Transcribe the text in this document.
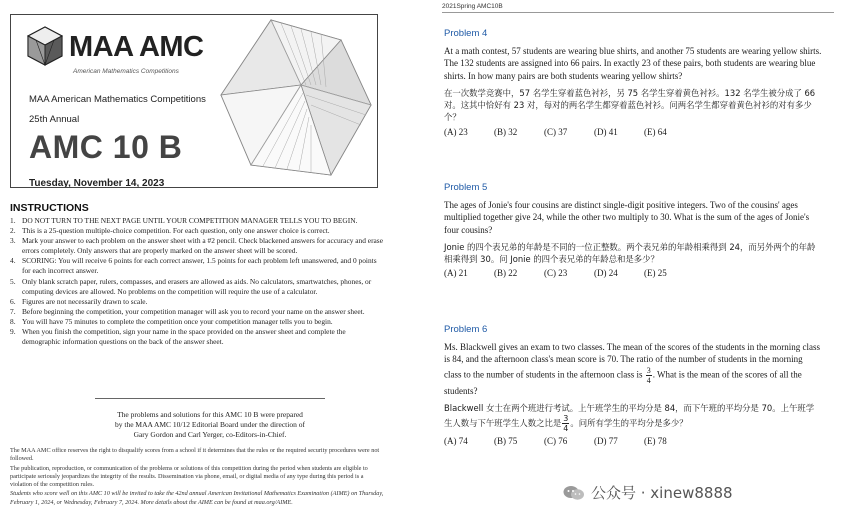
MAA AMC
American Mathematics Competitions
MAA American Mathematics Competitions
25th Annual
AMC 10 B
Tuesday, November 14, 2023
INSTRUCTIONS
1. DO NOT TURN TO THE NEXT PAGE UNTIL YOUR COMPETITION MANAGER TELLS YOU TO BEGIN.
2. This is a 25-question multiple-choice competition. For each question, only one answer choice is correct.
3. Mark your answer to each problem on the answer sheet with a #2 pencil. Check blackened answers for accuracy and erase errors completely. Only answers that are properly marked on the answer sheet will be scored.
4. SCORING: You will receive 6 points for each correct answer, 1.5 points for each problem left unanswered, and 0 points for each incorrect answer.
5. Only blank scratch paper, rulers, compasses, and erasers are allowed as aids. No calculators, smartwatches, phones, or computing devices are allowed. No problems on the competition will require the use of a calculator.
6. Figures are not necessarily drawn to scale.
7. Before beginning the competition, your competition manager will ask you to record your name on the answer sheet.
8. You will have 75 minutes to complete the competition once your competition manager tells you to begin.
9. When you finish the competition, sign your name in the space provided on the answer sheet and complete the demographic information questions on the back of the answer sheet.
The problems and solutions for this AMC 10 B were prepared
by the MAA AMC 10/12 Editorial Board under the direction of
Gary Gordon and Carl Yerger, co-Editors-in-Chief.

The MAA AMC office reserves the right to disqualify scores from a school if it determines that the rules or the required security procedures were not followed.

The publication, reproduction, or communication of the problems or solutions of this competition during the period when students are eligible to participate seriously jeopardizes the integrity of the results. Dissemination via phone, email, or digital media of any type during this period is a violation of the competition rules.

Students who score well on this AMC 10 will be invited to take the 42nd annual American Invitational Mathematics Examination (AIME) on Thursday, February 1, 2024, or Wednesday, February 7, 2024. More details about the AIME can be found at maa.org/AIME.

2021Spring AMC10B
Problem 4

At a math contest, 57 students are wearing blue shirts, and another 75 students are wearing yellow shirts. The 132 students are assigned into 66 pairs. In exactly 23 of these pairs, both students are wearing blue shirts. In how many pairs are both students wearing yellow shirts?

在一次数学竞赛中，57 名学生穿着蓝色衬衫，另 75 名学生穿着黄色衬衫。132 名学生被分成了 66 对。这其中恰好有 23 对，每对的两名学生都穿着蓝色衬衫。问两名学生都穿着黄色衬衫的对有多少个？

(A) 23	(B) 32	(C) 37	(D) 41	(E) 64
Problem 5

The ages of Jonie's four cousins are distinct single-digit positive integers. Two of the cousins' ages multiplied together give 24, while the other two multiply to 30. What is the sum of the ages of Jonie's four cousins?

Jonie 的四个表兄弟的年龄是不同的一位正整数。两个表兄弟的年龄相乘得到 24，而另外两个的年龄相乘得到 30。问 Jonie 的四个表兄弟的年龄总和是多少？

(A) 21	(B) 22	(C) 23	(D) 24	(E) 25
Problem 6

Ms. Blackwell gives an exam to two classes. The mean of the scores of the students in the morning class is 84, and the afternoon class's mean score is 70. The ratio of the number of students in the morning class to the number of students in the afternoon class is $\frac{3}{4}$ . What is the mean of the scores of all the students?

Blackwell 女士在两个班进行考试。上午班学生的平均分是 84，而下午班的平均分是 70。上午班学生人数与下午班学生人数之比是 $\frac{3}{4}$ 。问所有学生的平均分是多少？

(A) 74	(B) 75	(C) 76	(D) 77	(E) 78
公众号 · xinew8888
